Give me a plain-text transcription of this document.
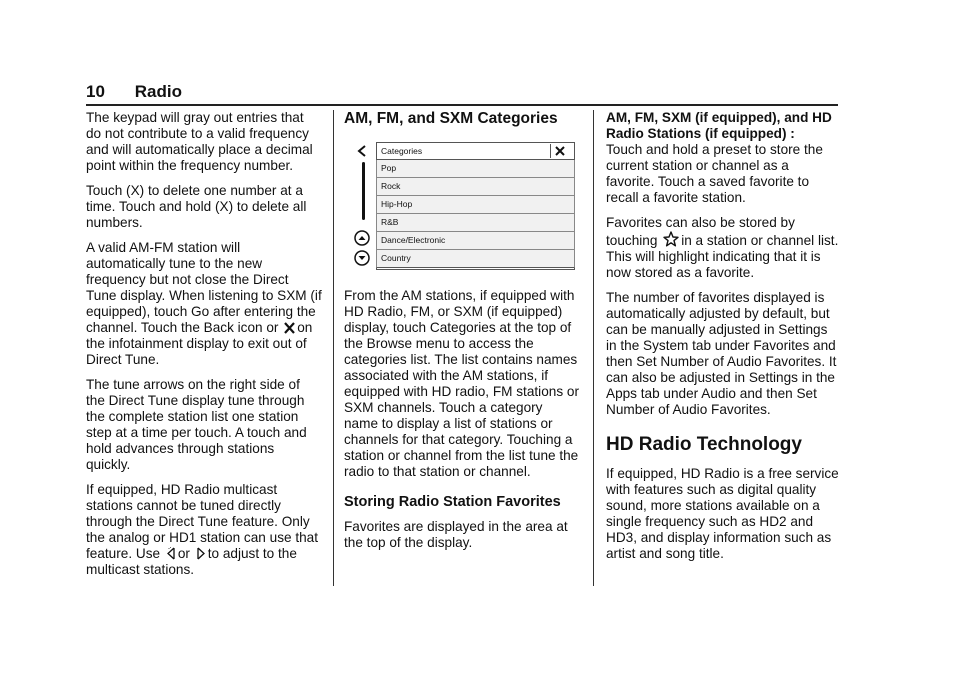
10 Radio

The keypad will gray out entries that do not contribute to a valid frequency and will automatically place a decimal point within the frequency number.

Touch (X) to delete one number at a time. Touch and hold (X) to delete all numbers.

A valid AM-FM station will automatically tune to the new frequency but not close the Direct Tune display. When listening to SXM (if equipped), touch Go after entering the channel. Touch the Back icon or on the infotainment display to exit out of Direct Tune.

The tune arrows on the right side of the Direct Tune display tune through the complete station list one station step at a time per touch. A touch and hold advances through stations quickly.

If equipped, HD Radio multicast stations cannot be tuned directly through the Direct Tune feature. Only the analog or HD1 station can use that feature. Use or to adjust to the multicast stations.

AM, FM, and SXM Categories
Categories
Pop
Rock
Hip-Hop
R&B
Dance/Electronic
Country

From the AM stations, if equipped with HD Radio, FM, or SXM (if equipped) display, touch Categories at the top of the Browse menu to access the categories list. The list contains names associated with the AM stations, if equipped with HD radio, FM stations or SXM channels. Touch a category name to display a list of stations or channels for that category. Touching a station or channel from the list tune the radio to that station or channel.

Storing Radio Station Favorites

Favorites are displayed in the area at the top of the display.

AM, FM, SXM (if equipped), and HD Radio Stations (if equipped) :

Touch and hold a preset to store the current station or channel as a favorite. Touch a saved favorite to recall a favorite station.

Favorites can also be stored by touching in a station or channel list. This will highlight indicating that it is now stored as a favorite.

The number of favorites displayed is automatically adjusted by default, but can be manually adjusted in Settings in the System tab under Favorites and then Set Number of Audio Favorites. It can also be adjusted in Settings in the Apps tab under Audio and then Set Number of Audio Favorites.

HD Radio Technology

If equipped, HD Radio is a free service with features such as digital quality sound, more stations available on a single frequency such as HD2 and HD3, and display information such as artist and song title.
